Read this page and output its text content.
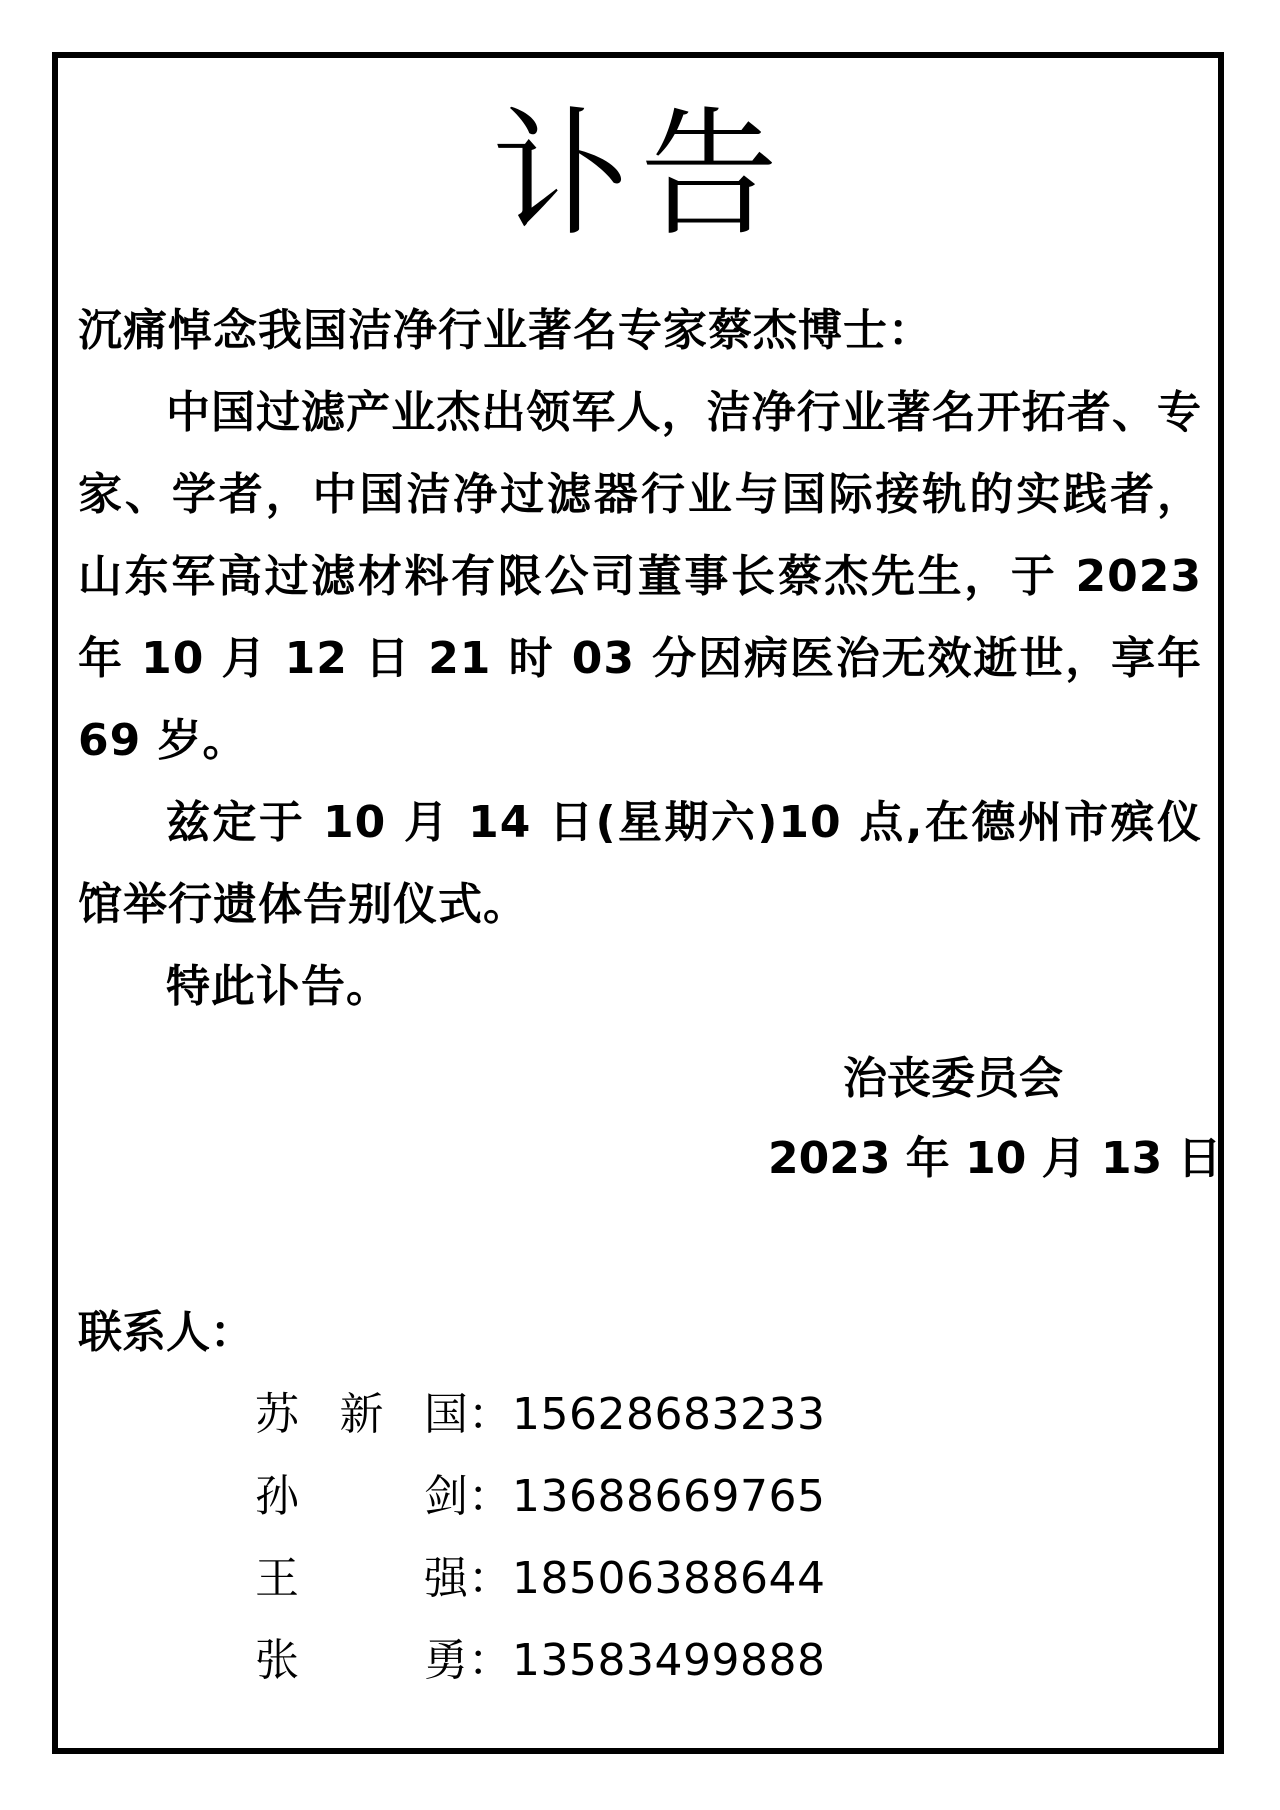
讣告
沉痛悼念我国洁净行业著名专家蔡杰博士：

中国过滤产业杰出领军人，洁净行业著名开拓者、专家、学者，中国洁净过滤器行业与国际接轨的实践者，山东军高过滤材料有限公司董事长蔡杰先生，于 2023 年 10 月 12 日 21 时 03 分因病医治无效逝世，享年 69 岁。

兹定于 10 月 14 日(星期六)10 点,在德州市殡仪馆举行遗体告别仪式。

特此讣告。

治丧委员会
2023 年 10 月 13 日
联系人：
苏 新 国 ： 15628683233
孙	剑 ： 13688669765
王	强 ： 18506388644
张	勇 ： 13583499888
